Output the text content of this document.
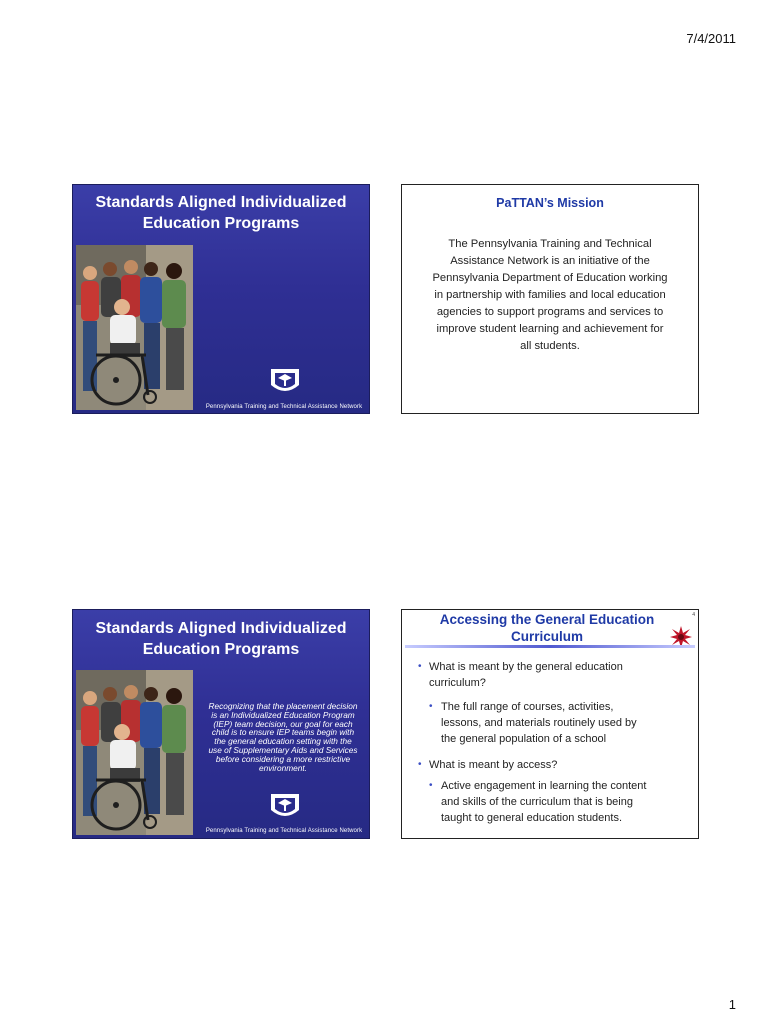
7/4/2011
Standards Aligned Individualized Education Programs
Pennsylvania Training and Technical Assistance Network
PaTTAN’s Mission
The Pennsylvania Training and Technical Assistance Network is an initiative of the Pennsylvania Department of Education working in partnership with families and local education agencies to support programs and services to improve student learning and achievement for all students.
Standards Aligned Individualized Education Programs
Recognizing that the placement decision is an Individualized Education Program (IEP) team decision, our goal for each child is to ensure IEP teams begin with the general education setting with the use of Supplementary Aids and Services before considering a more restrictive environment.
Pennsylvania Training and Technical Assistance Network
Accessing the General Education Curriculum
4
• What is meant by the general education curriculum?
• The full range of courses, activities, lessons, and materials routinely used by the general population of a school
• What is meant by access?
• Active engagement in learning the content and skills of the curriculum that is being taught to general education students.
1
